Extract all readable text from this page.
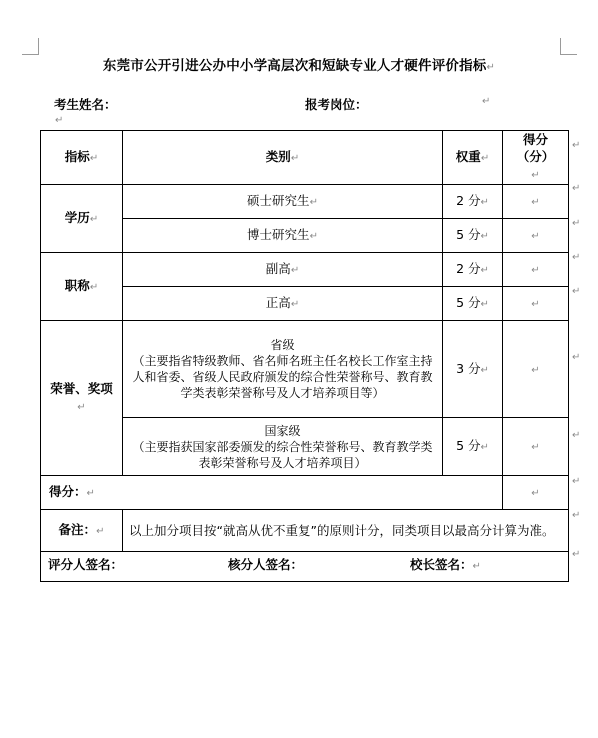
东莞市公开引进公办中小学高层次和短缺专业人才硬件评价指标↵
考生姓名：	报考岗位：	↵
↵
指标↵	类别↵	权重↵	得分（分）↵
学历↵	硕士研究生↵	2 分↵	↵
	博士研究生↵	5 分↵	↵
职称↵	副高↵	2 分↵	↵
	正高↵	5 分↵	↵
荣誉、奖项↵	省级
（主要指省特级教师、省名师名班主任名校长工作室主持人和省委、省级人民政府颁发的综合性荣誉称号、教育教学类表彰荣誉称号及人才培养项目等）	3 分↵	↵

	国家级
（主要指获国家部委颁发的综合性荣誉称号、教育教学类表彰荣誉称号及人才培养项目）	5 分↵	↵
得分：↵			↵
备注：↵	以上加分项目按“就高从优不重复”的原则计分，同类项目以最高分计算为准。		
评分人签名：	核分人签名：	校长签名：↵
↵
↵
↵
↵
↵
↵
↵
↵
↵
↵
